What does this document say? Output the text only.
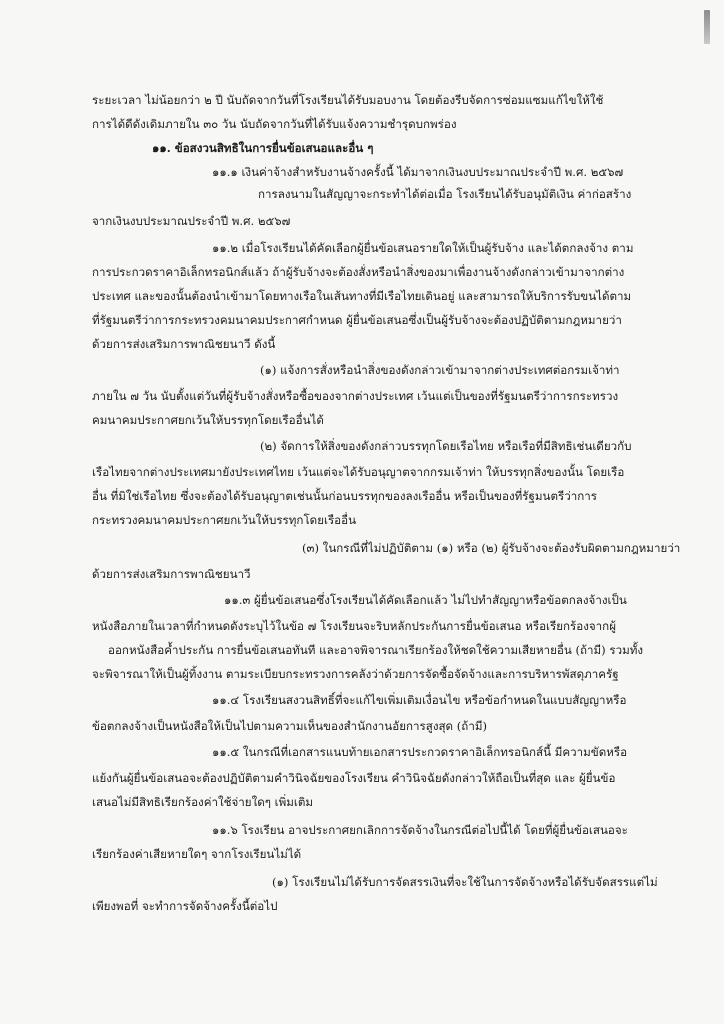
ระยะเวลา ไม่น้อยกว่า ๒ ปี นับถัดจากวันที่โรงเรียนได้รับมอบงาน โดยต้องรีบจัดการซ่อมแซมแก้ไขให้ใช้

การได้ดีดังเดิมภายใน ๓๐ วัน นับถัดจากวันที่ได้รับแจ้งความชำรุดบกพร่อง

๑๑. ข้อสงวนสิทธิในการยื่นข้อเสนอและอื่น ๆ

๑๑.๑ เงินค่าจ้างสำหรับงานจ้างครั้งนี้ ได้มาจากเงินงบประมาณประจำปี พ.ศ. ๒๕๖๗

การลงนามในสัญญาจะกระทำได้ต่อเมื่อ โรงเรียนได้รับอนุมัติเงิน ค่าก่อสร้าง

จากเงินงบประมาณประจำปี พ.ศ. ๒๕๖๗

๑๑.๒ เมื่อโรงเรียนได้คัดเลือกผู้ยื่นข้อเสนอรายใดให้เป็นผู้รับจ้าง และได้ตกลงจ้าง ตาม

การประกวดราคาอิเล็กทรอนิกส์แล้ว ถ้าผู้รับจ้างจะต้องสั่งหรือนำสิ่งของมาเพื่องานจ้างดังกล่าวเข้ามาจากต่าง

ประเทศ และของนั้นต้องนำเข้ามาโดยทางเรือในเส้นทางที่มีเรือไทยเดินอยู่ และสามารถให้บริการรับขนได้ตาม

ที่รัฐมนตรีว่าการกระทรวงคมนาคมประกาศกำหนด ผู้ยื่นข้อเสนอซึ่งเป็นผู้รับจ้างจะต้องปฏิบัติตามกฎหมายว่า

ด้วยการส่งเสริมการพาณิชยนาวี ดังนี้

(๑) แจ้งการสั่งหรือนำสิ่งของดังกล่าวเข้ามาจากต่างประเทศต่อกรมเจ้าท่า

ภายใน ๗ วัน นับตั้งแต่วันที่ผู้รับจ้างสั่งหรือซื้อของจากต่างประเทศ เว้นแต่เป็นของที่รัฐมนตรีว่าการกระทรวง

คมนาคมประกาศยกเว้นให้บรรทุกโดยเรืออื่นได้

(๒) จัดการให้สิ่งของดังกล่าวบรรทุกโดยเรือไทย หรือเรือที่มีสิทธิเช่นเดียวกับ

เรือไทยจากต่างประเทศมายังประเทศไทย เว้นแต่จะได้รับอนุญาตจากกรมเจ้าท่า ให้บรรทุกสิ่งของนั้น โดยเรือ

อื่น ที่มิใช่เรือไทย ซึ่งจะต้องได้รับอนุญาตเช่นนั้นก่อนบรรทุกของลงเรืออื่น หรือเป็นของที่รัฐมนตรีว่าการ

กระทรวงคมนาคมประกาศยกเว้นให้บรรทุกโดยเรืออื่น

(๓) ในกรณีที่ไม่ปฏิบัติตาม (๑) หรือ (๒) ผู้รับจ้างจะต้องรับผิดตามกฎหมายว่า

ด้วยการส่งเสริมการพาณิชยนาวี

๑๑.๓ ผู้ยื่นข้อเสนอซึ่งโรงเรียนได้คัดเลือกแล้ว ไม่ไปทำสัญญาหรือข้อตกลงจ้างเป็น

หนังสือภายในเวลาที่กำหนดดังระบุไว้ในข้อ ๗ โรงเรียนจะริบหลักประกันการยื่นข้อเสนอ หรือเรียกร้องจากผู้

ออกหนังสือค้ำประกัน การยื่นข้อเสนอทันที และอาจพิจารณาเรียกร้องให้ชดใช้ความเสียหายอื่น (ถ้ามี) รวมทั้ง

จะพิจารณาให้เป็นผู้ทิ้งงาน ตามระเบียบกระทรวงการคลังว่าด้วยการจัดซื้อจัดจ้างและการบริหารพัสดุภาครัฐ

๑๑.๔ โรงเรียนสงวนสิทธิ์ที่จะแก้ไขเพิ่มเติมเงื่อนไข หรือข้อกำหนดในแบบสัญญาหรือ

ข้อตกลงจ้างเป็นหนังสือให้เป็นไปตามความเห็นของสำนักงานอัยการสูงสุด (ถ้ามี)

๑๑.๕ ในกรณีที่เอกสารแนบท้ายเอกสารประกวดราคาอิเล็กทรอนิกส์นี้ มีความขัดหรือ

แย้งกันผู้ยื่นข้อเสนอจะต้องปฏิบัติตามคำวินิจฉัยของโรงเรียน คำวินิจฉัยดังกล่าวให้ถือเป็นที่สุด และ ผู้ยื่นข้อ

เสนอไม่มีสิทธิเรียกร้องค่าใช้จ่ายใดๆ เพิ่มเติม

๑๑.๖ โรงเรียน อาจประกาศยกเลิกการจัดจ้างในกรณีต่อไปนี้ได้ โดยที่ผู้ยื่นข้อเสนอจะ

เรียกร้องค่าเสียหายใดๆ จากโรงเรียนไม่ได้

(๑) โรงเรียนไม่ได้รับการจัดสรรเงินที่จะใช้ในการจัดจ้างหรือได้รับจัดสรรแต่ไม่

เพียงพอที่ จะทำการจัดจ้างครั้งนี้ต่อไป
